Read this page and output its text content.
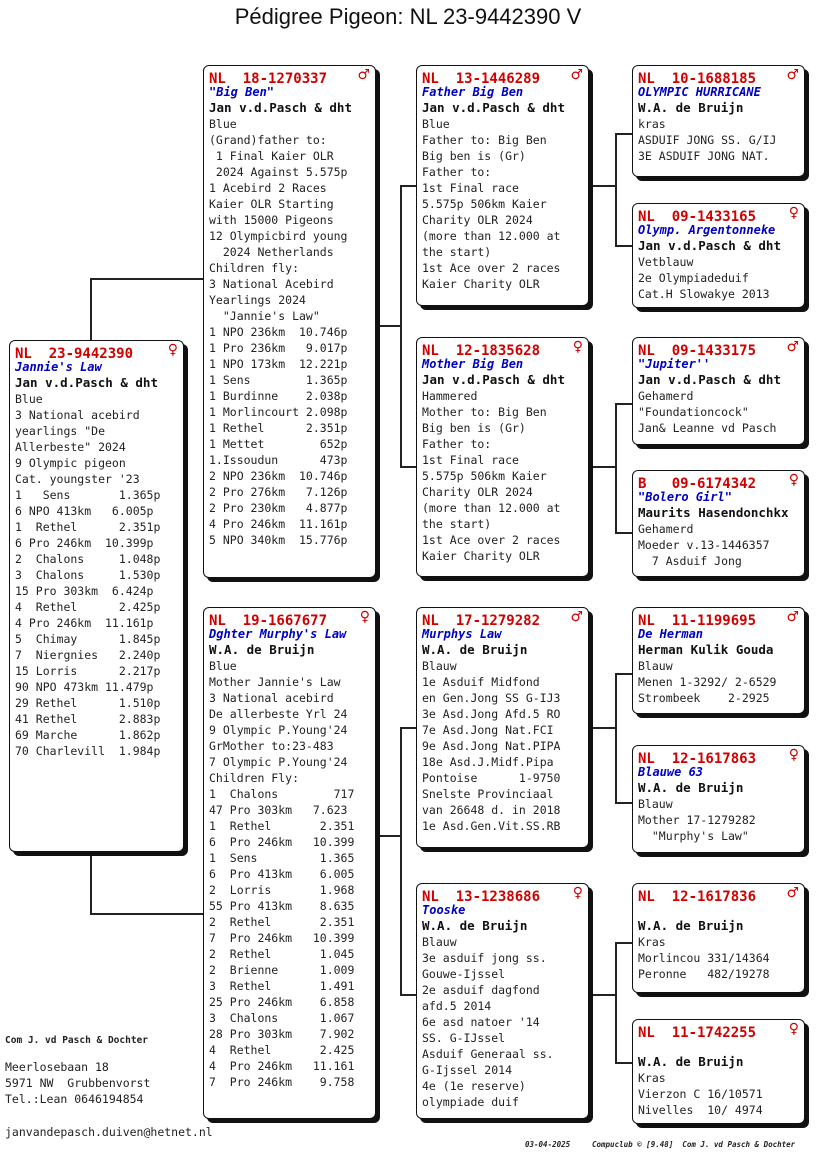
Pédigree Pigeon: NL 23-9442390 V
NL  23-9442390 ♀
Jannie's Law
Jan v.d.Pasch & dht
Blue
3 National acebird
yearlings "De
Allerbeste" 2024
9 Olympic pigeon
Cat. youngster '23
1   Sens       1.365p
6 NPO 413km   6.005p
1  Rethel      2.351p
6 Pro 246km  10.399p
2  Chalons     1.048p
3  Chalons     1.530p
15 Pro 303km  6.424p
4  Rethel      2.425p
4 Pro 246km  11.161p
5  Chimay      1.845p
7  Niergnies   2.240p
15 Lorris      2.217p
90 NPO 473km 11.479p
29 Rethel      1.510p
41 Rethel      2.883p
69 Marche      1.862p
70 Charlevill  1.984p
NL  18-1270337 ♂
"Big Ben"
Jan v.d.Pasch & dht
Blue
(Grand)father to:
1 Final Kaier OLR
2024 Against 5.575p
1 Acebird 2 Races
Kaier OLR Starting
with 15000 Pigeons
12 Olympicbird young
2024 Netherlands
Children fly:
3 National Acebird
Yearlings 2024
"Jannie's Law"
1 NPO 236km  10.746p
1 Pro 236km   9.017p
1 NPO 173km  12.221p
1 Sens        1.365p
1 Burdinne    2.038p
1 Morlincourt 2.098p
1 Rethel      2.351p
1 Mettet        652p
1.Issoudun      473p
2 NPO 236km  10.746p
2 Pro 276km   7.126p
2 Pro 230km   4.877p
4 Pro 246km  11.161p
5 NPO 340km  15.776p
NL  19-1667677 ♀
Dghter Murphy's Law
W.A. de Bruijn
Blue
Mother Jannie's Law
3 National acebird
De allerbeste Yrl 24
9 Olympic P.Young'24
GrMother to:23-483
7 Olympic P.Young'24
Children Fly:
1  Chalons        717
47 Pro 303km   7.623
1  Rethel       2.351
6  Pro 246km   10.399
1  Sens         1.365
6  Pro 413km    6.005
2  Lorris       1.968
55 Pro 413km    8.635
2  Rethel       2.351
7  Pro 246km   10.399
2  Rethel       1.045
2  Brienne      1.009
3  Rethel       1.491
25 Pro 246km    6.858
3  Chalons      1.067
28 Pro 303km    7.902
4  Rethel       2.425
4  Pro 246km   11.161
7  Pro 246km    9.758
NL  13-1446289 ♂
Father Big Ben
Jan v.d.Pasch & dht
Blue
Father to: Big Ben
Big ben is (Gr)
Father to:
1st Final race
5.575p 506km Kaier
Charity OLR 2024
(more than 12.000 at
the start)
1st Ace over 2 races
Kaier Charity OLR
NL  12-1835628 ♀
Mother Big Ben
Jan v.d.Pasch & dht
Hammered
Mother to: Big Ben
Big ben is (Gr)
Father to:
1st Final race
5.575p 506km Kaier
Charity OLR 2024
(more than 12.000 at
the start)
1st Ace over 2 races
Kaier Charity OLR
NL  17-1279282 ♂
Murphys Law
W.A. de Bruijn
Blauw
1e Asduif Midfond
en Gen.Jong SS G-IJ3
3e Asd.Jong Afd.5 RO
7e Asd.Jong Nat.FCI
9e Asd.Jong Nat.PIPA
18e Asd.J.Midf.Pipa
Pontoise      1-9750
Snelste Provinciaal
van 26648 d. in 2018
1e Asd.Gen.Vit.SS.RB
NL  13-1238686 ♀
Tooske
W.A. de Bruijn
Blauw
3e asduif jong ss.
Gouwe-Ijssel
2e asduif dagfond
afd.5 2014
6e asd natoer '14
SS. G-IJssel
Asduif Generaal ss.
G-Ijssel 2014
4e (1e reserve)
olympiade duif
NL  10-1688185 ♂
OLYMPIC HURRICANE
W.A. de Bruijn
kras
ASDUIF JONG SS. G/IJ
3E ASDUIF JONG NAT.
NL  09-1433165 ♀
Olymp. Argentonneke
Jan v.d.Pasch & dht
Vetblauw
2e Olympiadeduif
Cat.H Slowakye 2013
NL  09-1433175 ♂
"Jupiter''
Jan v.d.Pasch & dht
Gehamerd
"Foundationcock"
Jan& Leanne vd Pasch
B   09-6174342 ♀
"Bolero Girl"
Maurits Hasendonchkx
Gehamerd
Moeder v.13-1446357
7 Asduif Jong
NL  11-1199695 ♂
De Herman
Herman Kulik Gouda
Blauw
Menen 1-3292/ 2-6529
Strombeek    2-2925
NL  12-1617863 ♀
Blauwe 63
W.A. de Bruijn
Blauw
Mother 17-1279282
"Murphy's Law"
NL  12-1617836 ♂
W.A. de Bruijn
Kras
Morlincou 331/14364
Peronne   482/19278
NL  11-1742255 ♀
W.A. de Bruijn
Kras
Vierzon C 16/10571
Nivelles  10/ 4974
Com J. vd Pasch & Dochter
Meerlosebaan 18
5971 NW  Grubbenvorst
Tel.:Lean 0646194854
janvandepasch.duiven@hetnet.nl
03-04-2025	Compuclub © [9.48]  Com J. vd Pasch & Dochter
